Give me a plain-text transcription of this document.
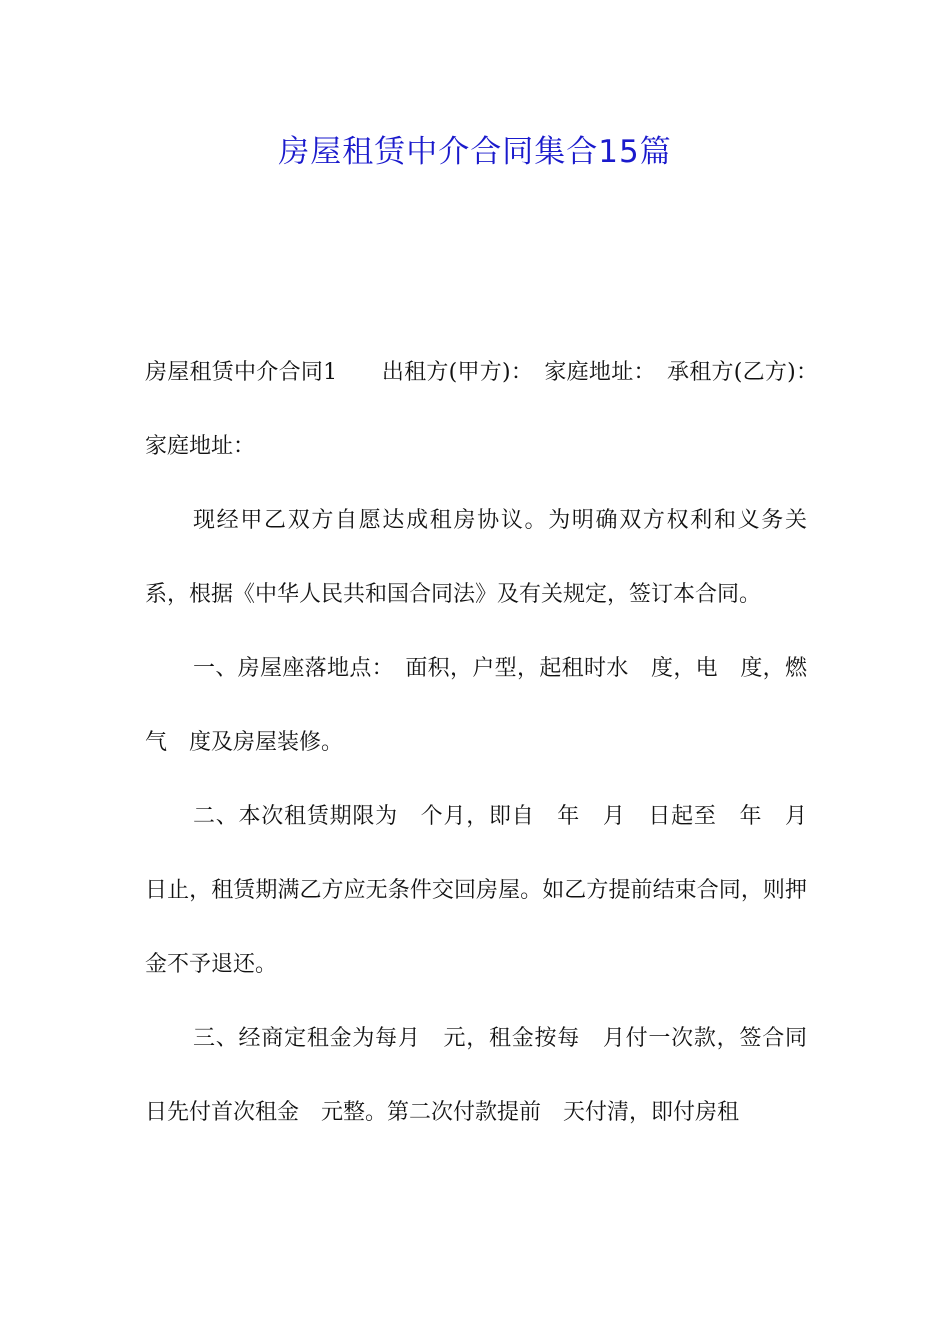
房屋租赁中介合同集合15篇

房屋租赁中介合同1　　出租方(甲方)：　家庭地址：　承租方(乙方)：　家庭地址：

现经甲乙双方自愿达成租房协议。为明确双方权利和义务关系，根据《中华人民共和国合同法》及有关规定，签订本合同。

一、房屋座落地点：　面积，户型，起租时水　度，电　度，燃气　度及房屋装修。

二、本次租赁期限为　个月，即自　年　月　日起至　年　月　日止，租赁期满乙方应无条件交回房屋。如乙方提前结束合同，则押金不予退还。

三、经商定租金为每月　元，租金按每　月付一次款，签合同日先付首次租金　元整。第二次付款提前　天付清，即付房租
